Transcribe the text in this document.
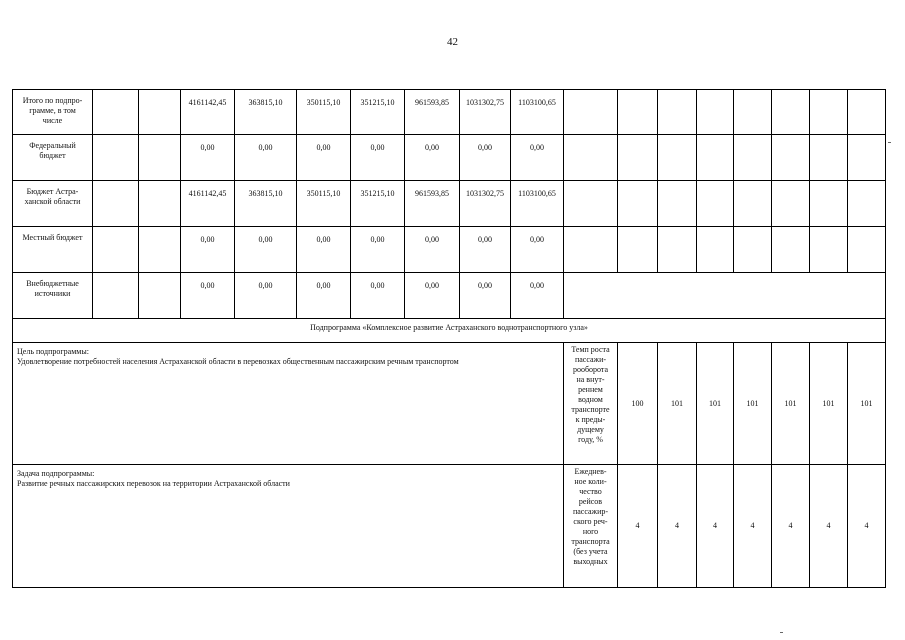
42
Итого по подпро-
грамме, в том
числе
4161142,45	363815,10	350115,10	351215,10	961593,85	1031302,75	1103100,65
Федеральный
бюджет
0,00	0,00	0,00	0,00	0,00	0,00	0,00
Бюджет Астра-
ханской области
4161142,45	363815,10	350115,10	351215,10	961593,85	1031302,75	1103100,65
Местный бюджет	0,00	0,00	0,00	0,00	0,00	0,00	0,00
Внебюджетные
источники
0,00	0,00	0,00	0,00	0,00	0,00	0,00
Подпрограмма «Комплексное развитие Астраханского воднотранспортного узла»
Цель подпрограммы:
Удовлетворение потребностей населения Астраханской области в перевозках общественным пассажирским речным транспортом
Темп роста
пассажи-
рооборота
на внут-
реннем
водном
транспорте
к преды-
дущему
году, %
100	101	101	101	101	101	101
Задача подпрограммы:
Развитие речных пассажирских перевозок на территории Астраханской области
Ежеднев-
ное коли-
чество
рейсов
пассажир-
ского реч-
ного
транспорта
(без учета
выходных
4	4	4	4	4	4	4
